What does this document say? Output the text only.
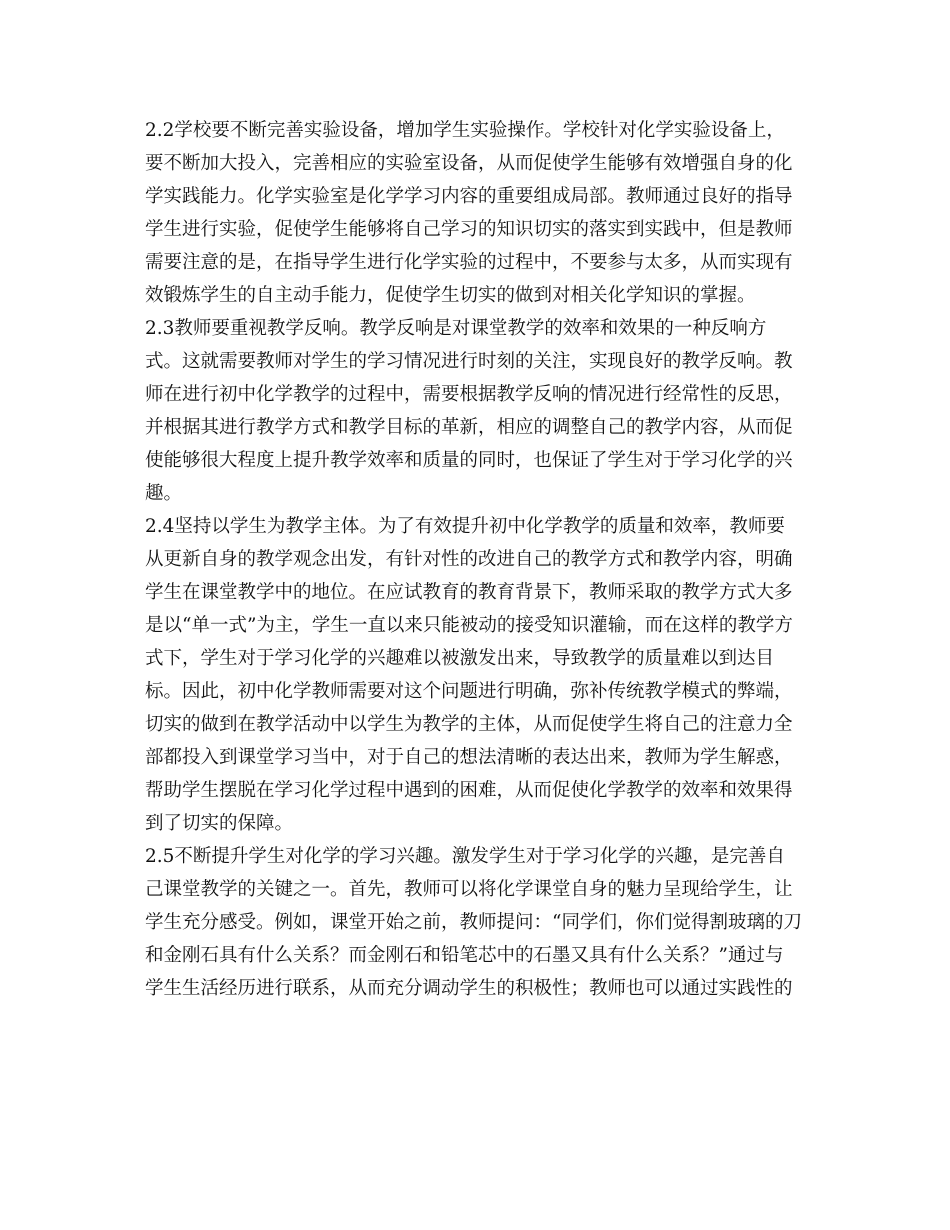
2.2学校要不断完善实验设备，增加学生实验操作。学校针对化学实验设备上，
要不断加大投入，完善相应的实验室设备，从而促使学生能够有效增强自身的化
学实践能力。化学实验室是化学学习内容的重要组成局部。教师通过良好的指导
学生进行实验，促使学生能够将自己学习的知识切实的落实到实践中，但是教师
需要注意的是，在指导学生进行化学实验的过程中，不要参与太多，从而实现有
效锻炼学生的自主动手能力，促使学生切实的做到对相关化学知识的掌握。
2.3教师要重视教学反响。教学反响是对课堂教学的效率和效果的一种反响方
式。这就需要教师对学生的学习情况进行时刻的关注，实现良好的教学反响。教
师在进行初中化学教学的过程中，需要根据教学反响的情况进行经常性的反思，
并根据其进行教学方式和教学目标的革新，相应的调整自己的教学内容，从而促
使能够很大程度上提升教学效率和质量的同时，也保证了学生对于学习化学的兴
趣。
2.4坚持以学生为教学主体。为了有效提升初中化学教学的质量和效率，教师要
从更新自身的教学观念出发，有针对性的改进自己的教学方式和教学内容，明确
学生在课堂教学中的地位。在应试教育的教育背景下，教师采取的教学方式大多
是以“单一式”为主，学生一直以来只能被动的接受知识灌输，而在这样的教学方
式下，学生对于学习化学的兴趣难以被激发出来，导致教学的质量难以到达目
标。因此，初中化学教师需要对这个问题进行明确，弥补传统教学模式的弊端，
切实的做到在教学活动中以学生为教学的主体，从而促使学生将自己的注意力全
部都投入到课堂学习当中，对于自己的想法清晰的表达出来，教师为学生解惑，
帮助学生摆脱在学习化学过程中遇到的困难，从而促使化学教学的效率和效果得
到了切实的保障。
2.5不断提升学生对化学的学习兴趣。激发学生对于学习化学的兴趣，是完善自
己课堂教学的关键之一。首先，教师可以将化学课堂自身的魅力呈现给学生，让
学生充分感受。例如，课堂开始之前，教师提问：“同学们，你们觉得割玻璃的刀
和金刚石具有什么关系？而金刚石和铅笔芯中的石墨又具有什么关系？”通过与
学生生活经历进行联系，从而充分调动学生的积极性；教师也可以通过实践性的
